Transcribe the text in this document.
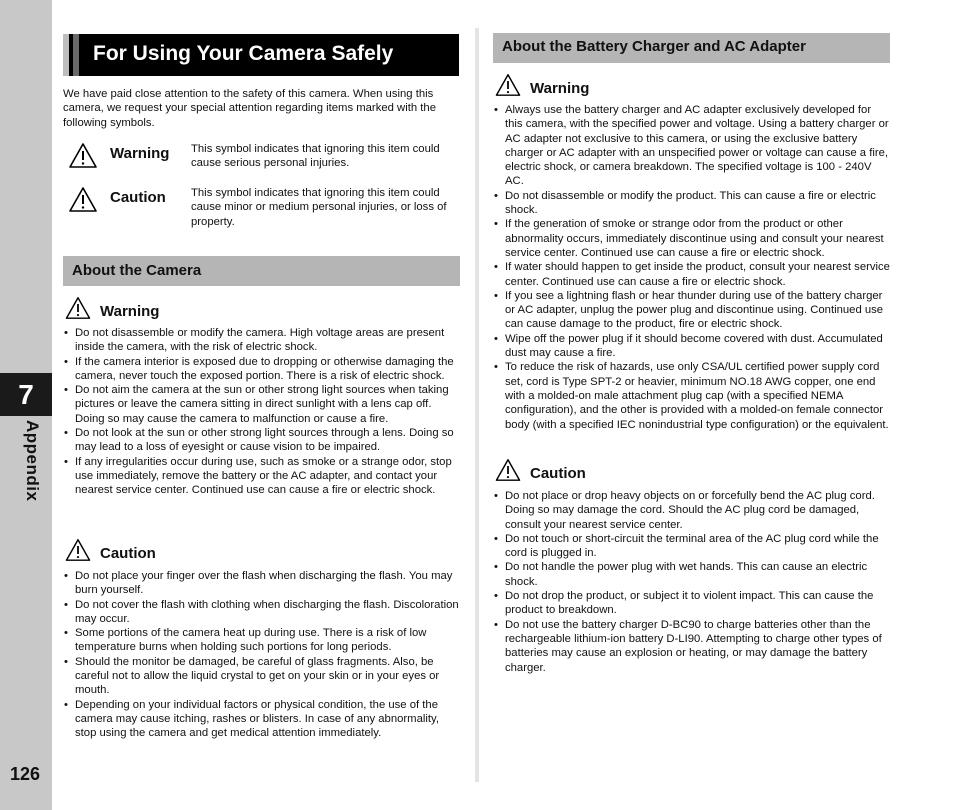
7
Appendix
126
For Using Your Camera Safely
We have paid close attention to the safety of this camera. When using this camera, we request your special attention regarding items marked with the following symbols.
Warning This symbol indicates that ignoring this item could cause serious personal injuries.
Caution This symbol indicates that ignoring this item could cause minor or medium personal injuries, or loss of property.
About the Camera
Warning
• Do not disassemble or modify the camera. High voltage areas are present inside the camera, with the risk of electric shock.
• If the camera interior is exposed due to dropping or otherwise damaging the camera, never touch the exposed portion. There is a risk of electric shock.
• Do not aim the camera at the sun or other strong light sources when taking pictures or leave the camera sitting in direct sunlight with a lens cap off. Doing so may cause the camera to malfunction or cause a fire.
• Do not look at the sun or other strong light sources through a lens. Doing so may lead to a loss of eyesight or cause vision to be impaired.
• If any irregularities occur during use, such as smoke or a strange odor, stop use immediately, remove the battery or the AC adapter, and contact your nearest service center. Continued use can cause a fire or electric shock.
Caution
• Do not place your finger over the flash when discharging the flash. You may burn yourself.
• Do not cover the flash with clothing when discharging the flash. Discoloration may occur.
• Some portions of the camera heat up during use. There is a risk of low temperature burns when holding such portions for long periods.
• Should the monitor be damaged, be careful of glass fragments. Also, be careful not to allow the liquid crystal to get on your skin or in your eyes or mouth.
• Depending on your individual factors or physical condition, the use of the camera may cause itching, rashes or blisters. In case of any abnormality, stop using the camera and get medical attention immediately.
About the Battery Charger and AC Adapter
Warning
• Always use the battery charger and AC adapter exclusively developed for this camera, with the specified power and voltage. Using a battery charger or AC adapter not exclusive to this camera, or using the exclusive battery charger or AC adapter with an unspecified power or voltage can cause a fire, electric shock, or camera breakdown. The specified voltage is 100 - 240V AC.
• Do not disassemble or modify the product. This can cause a fire or electric shock.
• If the generation of smoke or strange odor from the product or other abnormality occurs, immediately discontinue using and consult your nearest service center. Continued use can cause a fire or electric shock.
• If water should happen to get inside the product, consult your nearest service center. Continued use can cause a fire or electric shock.
• If you see a lightning flash or hear thunder during use of the battery charger or AC adapter, unplug the power plug and discontinue using. Continued use can cause damage to the product, fire or electric shock.
• Wipe off the power plug if it should become covered with dust. Accumulated dust may cause a fire.
• To reduce the risk of hazards, use only CSA/UL certified power supply cord set, cord is Type SPT-2 or heavier, minimum NO.18 AWG copper, one end with a molded-on male attachment plug cap (with a specified NEMA configuration), and the other is provided with a molded-on female connector body (with a specified IEC nonindustrial type configuration) or the equivalent.
Caution
• Do not place or drop heavy objects on or forcefully bend the AC plug cord. Doing so may damage the cord. Should the AC plug cord be damaged, consult your nearest service center.
• Do not touch or short-circuit the terminal area of the AC plug cord while the cord is plugged in.
• Do not handle the power plug with wet hands. This can cause an electric shock.
• Do not drop the product, or subject it to violent impact. This can cause the product to breakdown.
• Do not use the battery charger D-BC90 to charge batteries other than the rechargeable lithium-ion battery D-LI90. Attempting to charge other types of batteries may cause an explosion or heating, or may damage the battery charger.
